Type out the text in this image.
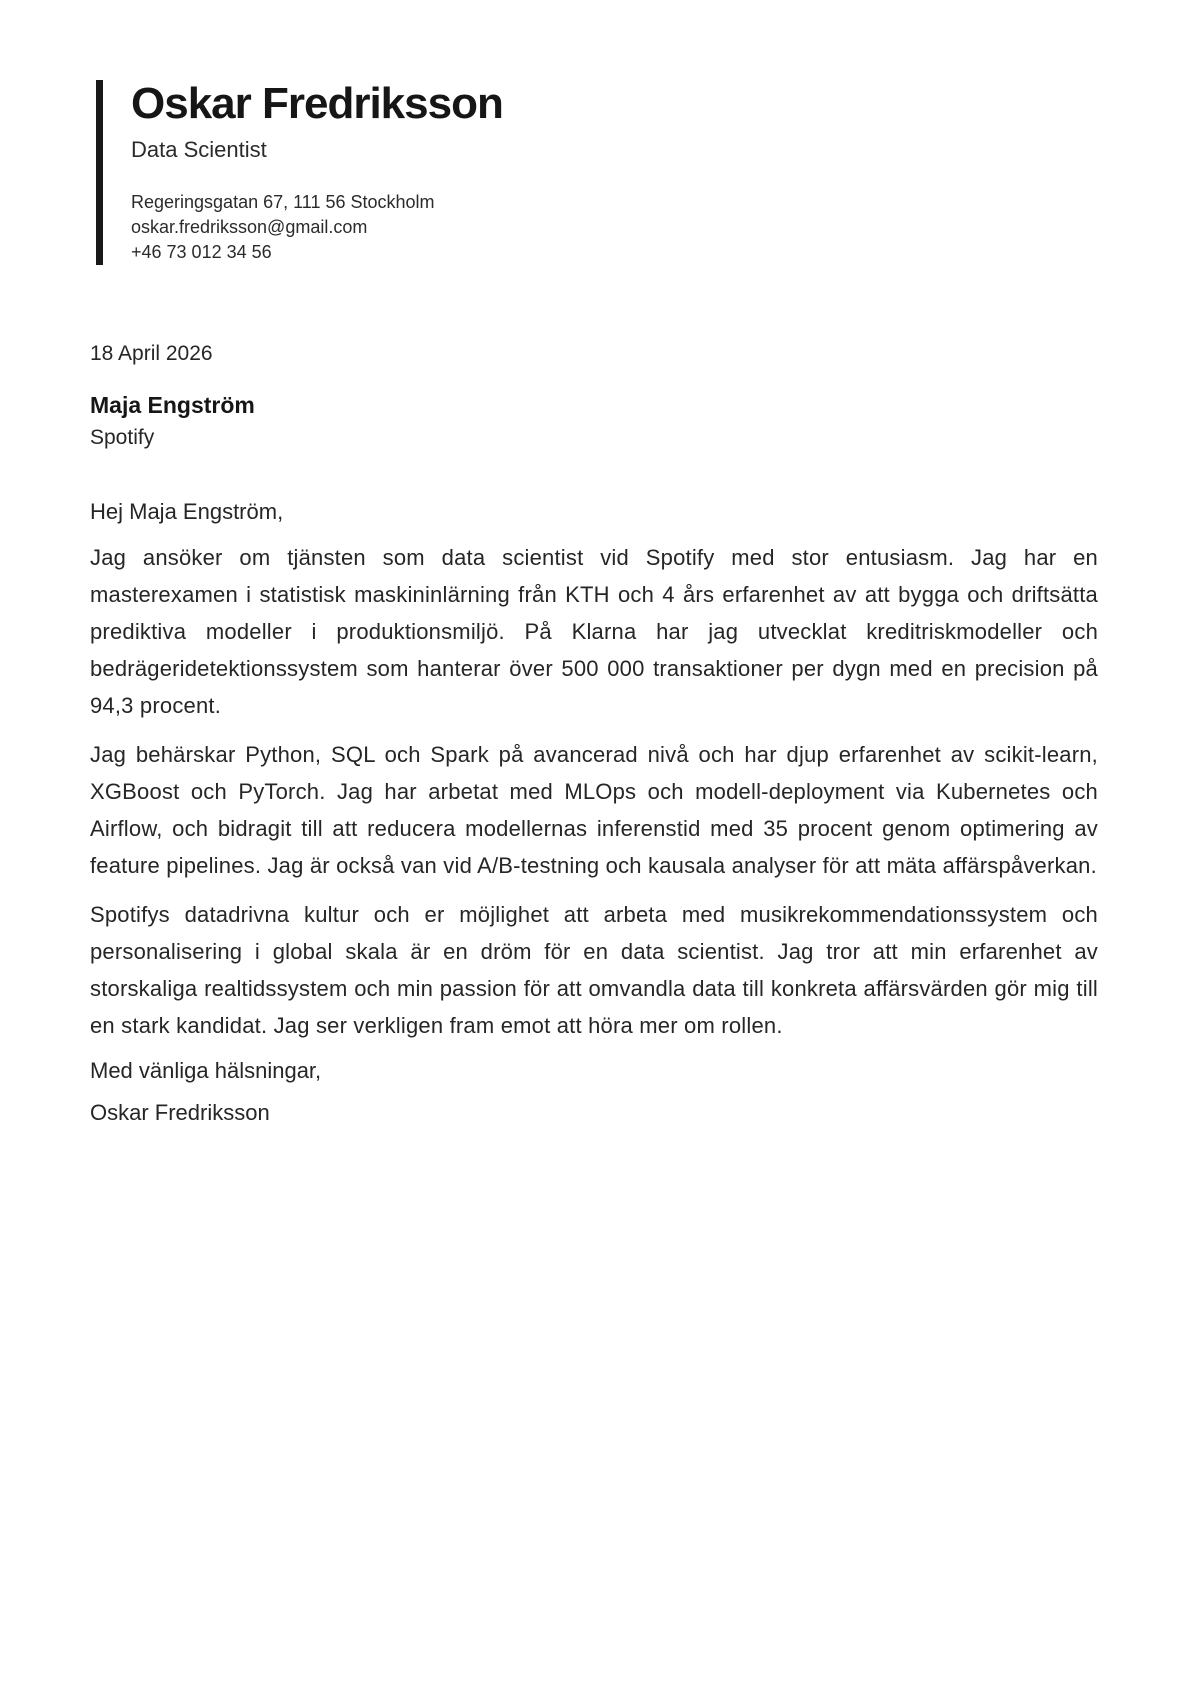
Oskar Fredriksson
Data Scientist
Regeringsgatan 67, 111 56 Stockholm
oskar.fredriksson@gmail.com
+46 73 012 34 56
18 April 2026
Maja Engström
Spotify
Hej Maja Engström,

Jag ansöker om tjänsten som data scientist vid Spotify med stor entusiasm. Jag har en masterexamen i statistisk maskininlärning från KTH och 4 års erfarenhet av att bygga och driftsätta prediktiva modeller i produktionsmiljö. På Klarna har jag utvecklat kreditriskmodeller och bedrägeridetektionssystem som hanterar över 500 000 transaktioner per dygn med en precision på 94,3 procent.

Jag behärskar Python, SQL och Spark på avancerad nivå och har djup erfarenhet av scikit-learn, XGBoost och PyTorch. Jag har arbetat med MLOps och modell-deployment via Kubernetes och Airflow, och bidragit till att reducera modellernas inferenstid med 35 procent genom optimering av feature pipelines. Jag är också van vid A/B-testning och kausala analyser för att mäta affärspåverkan.

Spotifys datadrivna kultur och er möjlighet att arbeta med musikrekommendationssystem och personalisering i global skala är en dröm för en data scientist. Jag tror att min erfarenhet av storskaliga realtidssystem och min passion för att omvandla data till konkreta affärsvärden gör mig till en stark kandidat. Jag ser verkligen fram emot att höra mer om rollen.

Med vänliga hälsningar,
Oskar Fredriksson
